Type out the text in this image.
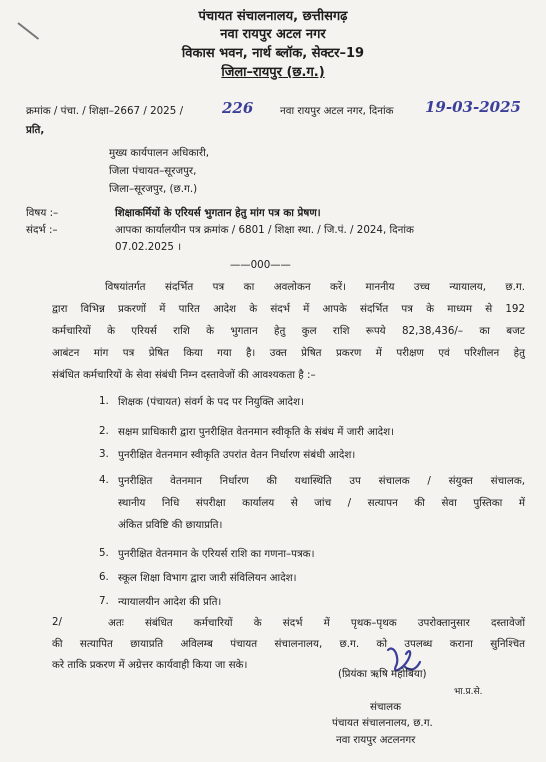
पंचायत संचालनालय, छत्तीसगढ़
नवा रायपुर अटल नगर
विकास भवन, नार्थ ब्लॉक, सेक्टर–19
जिला–रायपुर (छ.ग.)
क्रमांक / पंचा. / शिक्षा–2667 / 2025 /	226	नवा रायपुर अटल नगर, दिनांक 19-03-2025
प्रति,
मुख्य कार्यपालन अधिकारी,
जिला पंचायत–सूरजपुर,
जिला–सूरजपुर, (छ.ग.)
विषय :–	शिक्षाकर्मियों के एरियर्स भुगतान हेतु मांग पत्र का प्रेषण।
संदर्भ :–	आपका कार्यालयीन पत्र क्रमांक / 6801 / शिक्षा स्था. / जि.पं. / 2024, दिनांक
07.02.2025 ।
——000——
विषयांतर्गत संदर्भित पत्र का अवलोकन करें। माननीय उच्च न्यायालय, छ.ग.
द्वारा विभिन्न प्रकरणों में पारित आदेश के संदर्भ में आपके संदर्भित पत्र के माध्यम से 192
कर्मचारियों के एरियर्स राशि के भुगतान हेतु कुल राशि रूपये 82,38,436/– का बजट
आबंटन मांग पत्र प्रेषित किया गया है। उक्त प्रेषित प्रकरण में परीक्षण एवं परिशीलन हेतु
संबंधित कर्मचारियों के सेवा संबंधी निम्न दस्तावेजों की आवश्यकता है :–
1. शिक्षक (पंचायत) संवर्ग के पद पर नियुक्ति आदेश।
2. सक्षम प्राधिकारी द्वारा पुनरीक्षित वेतनमान स्वीकृति के संबंध में जारी आदेश।
3. पुनरीक्षित वेतनमान स्वीकृति उपरांत वेतन निर्धारण संबंधी आदेश।
4. पुनरीक्षित वेतनमान निर्धारण की यथास्थिति उप संचालक / संयुक्त संचालक,
स्थानीय निधि संपरीक्षा कार्यालय से जांच / सत्यापन की सेवा पुस्तिका में
अंकित प्रविष्टि की छायाप्रति।
5. पुनरीक्षित वेतनमान के एरियर्स राशि का गणना–पत्रक।
6. स्कूल शिक्षा विभाग द्वारा जारी संविलियन आदेश।
7. न्यायालयीन आदेश की प्रति।
2/	अतः संबंधित कर्मचारियों के संदर्भ में पृथक–पृथक उपरोक्तानुसार दस्तावेजों
की सत्यापित छायाप्रति अविलम्ब पंचायत संचालनालय, छ.ग. को उपलब्ध कराना सुनिश्चित
करे ताकि प्रकरण में अग्रेत्तर कार्यवाही किया जा सके।
(प्रियंका ऋषि महोबिया)
भा.प्र.से.
संचालक
पंचायत संचालनालय, छ.ग.
नवा रायपुर अटलनगर
